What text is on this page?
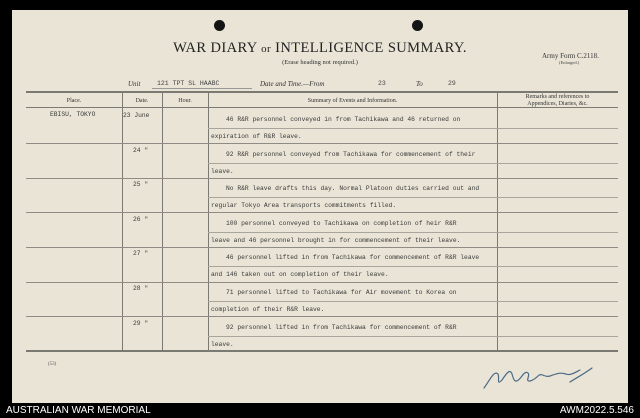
WAR DIARY or INTELLIGENCE SUMMARY.
(Erase heading not required.)
Army Form C.2118.
(Enlarged.)
Unit	121 TPT SL HAABC	Date and Time.—From	23	To	29
Place.	Date.	Hour.	Summary of Events and Information.
Remarks and references to
Appendices, Diaries, &c.
EBISU, TOKYO	23 June
46 R&R personnel conveyed in from Tachikawa and 46 returned on
expiration of R&R leave.
24 "
92 R&R personnel conveyed from Tachikawa for commencement of their
leave.
25 "
No R&R leave drafts this day. Normal Platoon duties carried out and
regular Tokyo Area transports commitments filled.
26 "
100 personnel conveyed to Tachikawa on completion of heir R&R
leave and 46 personnel brought in for commencement of their leave.
27 "
46 personnel lifted in from Tachikawa for commencement of R&R leave
and 146 taken out on completion of their leave.
28 "
71 personnel lifted to Tachikawa for Air movement to Korea on
completion of their R&R leave.
29 "
92 personnel lifted in from Tachikawa for commencement of R&R
leave.
(53)
AUSTRALIAN WAR MEMORIAL	AWM2022.5.546
